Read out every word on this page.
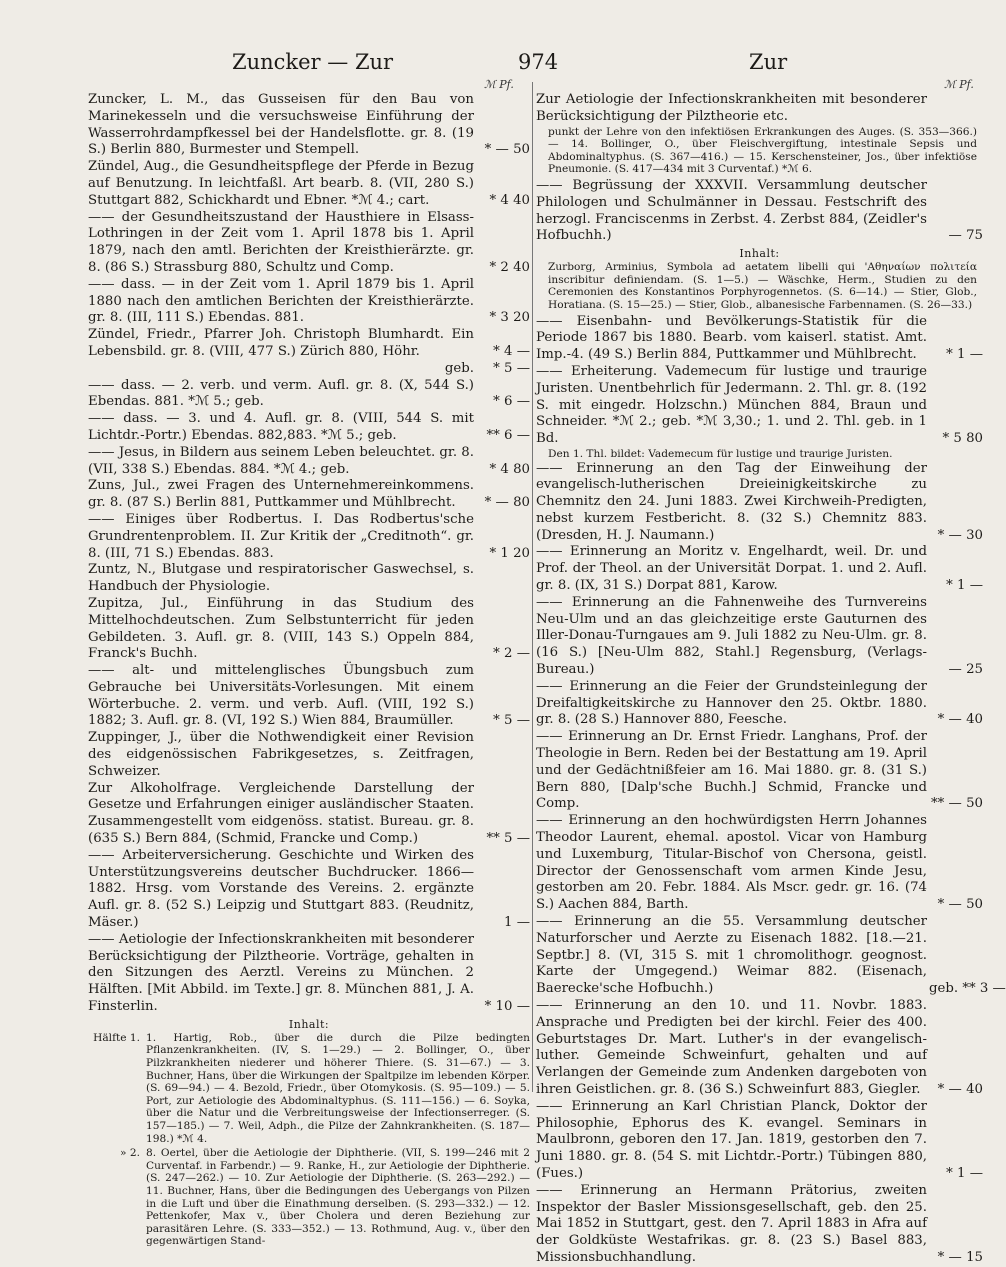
Zuncker — Zur	974	Zur
ℳ Pf.	ℳ Pf.
Zuncker, L. M., das Gusseisen für den Bau von Marinekesseln und die versuchsweise Einführung der Wasserrohrdampfkessel bei der Handelsflotte. gr. 8. (19 S.) Berlin 880, Burmester und Stempell.	* — 50
Zündel, Aug., die Gesundheitspflege der Pferde in Bezug auf Benutzung. In leichtfaßl. Art bearb. 8. (VII, 280 S.) Stuttgart 882, Schickhardt und Ebner. *ℳ 4.; cart.	* 4 40
—— der Gesundheitszustand der Hausthiere in Elsass-Lothringen in der Zeit vom 1. April 1878 bis 1. April 1879, nach den amtl. Berichten der Kreisthierärzte. gr. 8. (86 S.) Strassburg 880, Schultz und Comp.	* 2 40
—— dass. — in der Zeit vom 1. April 1879 bis 1. April 1880 nach den amtlichen Berichten der Kreisthierärzte. gr. 8. (III, 111 S.) Ebendas. 881.	* 3 20
Zündel, Friedr., Pfarrer Joh. Christoph Blumhardt. Ein Lebensbild. gr. 8. (VIII, 477 S.) Zürich 880, Höhr.	* 4 —
geb.	* 5 —
—— dass. — 2. verb. und verm. Aufl. gr. 8. (X, 544 S.) Ebendas. 881. *ℳ 5.; geb.	* 6 —
—— dass. — 3. und 4. Aufl. gr. 8. (VIII, 544 S. mit Lichtdr.-Portr.) Ebendas. 882,883. *ℳ 5.; geb.	** 6 —
—— Jesus, in Bildern aus seinem Leben beleuchtet. gr. 8. (VII, 338 S.) Ebendas. 884. *ℳ 4.; geb.	* 4 80
Zuns, Jul., zwei Fragen des Unternehmereinkommens. gr. 8. (87 S.) Berlin 881, Puttkammer und Mühlbrecht.	* — 80
—— Einiges über Rodbertus. I. Das Rodbertus'sche Grundrentenproblem. II. Zur Kritik der „Creditnoth“. gr. 8. (III, 71 S.) Ebendas. 883.	* 1 20
Zuntz, N., Blutgase und respiratorischer Gaswechsel, s. Handbuch der Physiologie.
Zupitza, Jul., Einführung in das Studium des Mittelhochdeutschen. Zum Selbstunterricht für jeden Gebildeten. 3. Aufl. gr. 8. (VIII, 143 S.) Oppeln 884, Franck's Buchh.	* 2 —
—— alt- und mittelenglisches Übungsbuch zum Gebrauche bei Universitäts-Vorlesungen. Mit einem Wörterbuche. 2. verm. und verb. Aufl. (VIII, 192 S.) 1882; 3. Aufl. gr. 8. (VI, 192 S.) Wien 884, Braumüller.	* 5 —
Zuppinger, J., über die Nothwendigkeit einer Revision des eidgenössischen Fabrikgesetzes, s. Zeitfragen, Schweizer.
Zur Alkoholfrage. Vergleichende Darstellung der Gesetze und Erfahrungen einiger ausländischer Staaten. Zusammengestellt vom eidgenöss. statist. Bureau. gr. 8. (635 S.) Bern 884, (Schmid, Francke und Comp.)	** 5 —
—— Arbeiterversicherung. Geschichte und Wirken des Unterstützungsvereins deutscher Buchdrucker. 1866—1882. Hrsg. vom Vorstande des Vereins. 2. ergänzte Aufl. gr. 8. (52 S.) Leipzig und Stuttgart 883. (Reudnitz, Mäser.)	1 —
—— Aetiologie der Infectionskrankheiten mit besonderer Berücksichtigung der Pilztheorie. Vorträge, gehalten in den Sitzungen des Aerztl. Vereins zu München. 2 Hälften. [Mit Abbild. im Texte.] gr. 8. München 881, J. A. Finsterlin.	* 10 —
Inhalt:
Hälfte 1. 1. Hartig, Rob., über die durch die Pilze bedingten Pflanzenkrankheiten. (IV, S. 1—29.) — 2. Bollinger, O., über Pilzkrankheiten niederer und höherer Thiere. (S. 31—67.) — 3. Buchner, Hans, über die Wirkungen der Spaltpilze im lebenden Körper. (S. 69—94.) — 4. Bezold, Friedr., über Otomykosis. (S. 95—109.) — 5. Port, zur Aetiologie des Abdominaltyphus. (S. 111—156.) — 6. Soyka, über die Natur und die Verbreitungsweise der Infectionserreger. (S. 157—185.) — 7. Weil, Adph., die Pilze der Zahnkrankheiten. (S. 187—198.) *ℳ 4.
» 2. 8. Oertel, über die Aetiologie der Diphtherie. (VII, S. 199—246 mit 2 Curventaf. in Farbendr.) — 9. Ranke, H., zur Aetiologie der Diphtherie. (S. 247—262.) — 10. Zur Aetiologie der Diphtherie. (S. 263—292.) — 11. Buchner, Hans, über die Bedingungen des Uebergangs von Pilzen in die Luft und über die Einathmung derselben. (S. 293—332.) — 12. Pettenkofer, Max v., über Cholera und deren Beziehung zur parasitären Lehre. (S. 333—352.) — 13. Rothmund, Aug. v., über den gegenwärtigen Stand-
Zur Aetiologie der Infectionskrankheiten mit besonderer Berücksichtigung der Pilztheorie etc.
punkt der Lehre von den infektiösen Erkrankungen des Auges. (S. 353—366.) — 14. Bollinger, O., über Fleischvergiftung, intestinale Sepsis und Abdominaltyphus. (S. 367—416.) — 15. Kerschensteiner, Jos., über infektiöse Pneumonie. (S. 417—434 mit 3 Curventaf.) *ℳ 6.
—— Begrüssung der XXXVII. Versammlung deutscher Philologen und Schulmänner in Dessau. Festschrift des herzogl. Franciscenms in Zerbst. 4. Zerbst 884, (Zeidler's Hofbuchh.)	— 75
Inhalt:
Zurborg, Arminius, Symbola ad aetatem libelli qui 'Αθηναίων πολιτεία inscribitur definiendam. (S. 1—5.) — Wäschke, Herm., Studien zu den Ceremonien des Konstantinos Porphyrogennetos. (S. 6—14.) — Stier, Glob., Horatiana. (S. 15—25.) — Stier, Glob., albanesische Farbennamen. (S. 26—33.)
—— Eisenbahn- und Bevölkerungs-Statistik für die Periode 1867 bis 1880. Bearb. vom kaiserl. statist. Amt. Imp.-4. (49 S.) Berlin 884, Puttkammer und Mühlbrecht.	* 1 —
—— Erheiterung. Vademecum für lustige und traurige Juristen. Unentbehrlich für Jedermann. 2. Thl. gr. 8. (192 S. mit eingedr. Holzschn.) München 884, Braun und Schneider. *ℳ 2.; geb. *ℳ 3,30.; 1. und 2. Thl. geb. in 1 Bd.	* 5 80
Den 1. Thl. bildet: Vademecum für lustige und traurige Juristen.
—— Erinnerung an den Tag der Einweihung der evangelisch-lutherischen Dreieinigkeitskirche zu Chemnitz den 24. Juni 1883. Zwei Kirchweih-Predigten, nebst kurzem Festbericht. 8. (32 S.) Chemnitz 883. (Dresden, H. J. Naumann.)	* — 30
—— Erinnerung an Moritz v. Engelhardt, weil. Dr. und Prof. der Theol. an der Universität Dorpat. 1. und 2. Aufl. gr. 8. (IX, 31 S.) Dorpat 881, Karow.	* 1 —
—— Erinnerung an die Fahnenweihe des Turnvereins Neu-Ulm und an das gleichzeitige erste Gauturnen des Iller-Donau-Turngaues am 9. Juli 1882 zu Neu-Ulm. gr. 8. (16 S.) [Neu-Ulm 882, Stahl.] Regensburg, (Verlags-Bureau.)	— 25
—— Erinnerung an die Feier der Grundsteinlegung der Dreifaltigkeitskirche zu Hannover den 25. Oktbr. 1880. gr. 8. (28 S.) Hannover 880, Feesche.	* — 40
—— Erinnerung an Dr. Ernst Friedr. Langhans, Prof. der Theologie in Bern. Reden bei der Bestattung am 19. April und der Gedächtnißfeier am 16. Mai 1880. gr. 8. (31 S.) Bern 880, [Dalp'sche Buchh.] Schmid, Francke und Comp.	** — 50
—— Erinnerung an den hochwürdigsten Herrn Johannes Theodor Laurent, ehemal. apostol. Vicar von Hamburg und Luxemburg, Titular-Bischof von Chersona, geistl. Director der Genossenschaft vom armen Kinde Jesu, gestorben am 20. Febr. 1884. Als Mscr. gedr. gr. 16. (74 S.) Aachen 884, Barth.	* — 50
—— Erinnerung an die 55. Versammlung deutscher Naturforscher und Aerzte zu Eisenach 1882. [18.—21. Septbr.] 8. (VI, 315 S. mit 1 chromolithogr. geognost. Karte der Umgegend.) Weimar 882. (Eisenach, Baerecke'sche Hofbuchh.)	geb. ** 3 —
—— Erinnerung an den 10. und 11. Novbr. 1883. Ansprache und Predigten bei der kirchl. Feier des 400. Geburtstages Dr. Mart. Luther's in der evangelisch-luther. Gemeinde Schweinfurt, gehalten und auf Verlangen der Gemeinde zum Andenken dargeboten von ihren Geistlichen. gr. 8. (36 S.) Schweinfurt 883, Giegler.	* — 40
—— Erinnerung an Karl Christian Planck, Doktor der Philosophie, Ephorus des K. evangel. Seminars in Maulbronn, geboren den 17. Jan. 1819, gestorben den 7. Juni 1880. gr. 8. (54 S. mit Lichtdr.-Portr.) Tübingen 880, (Fues.)	* 1 —
—— Erinnerung an Hermann Prätorius, zweiten Inspektor der Basler Missionsgesellschaft, geb. den 25. Mai 1852 in Stuttgart, gest. den 7. April 1883 in Afra auf der Goldküste Westafrikas. gr. 8. (23 S.) Basel 883, Missionsbuchhandlung.	* — 15
